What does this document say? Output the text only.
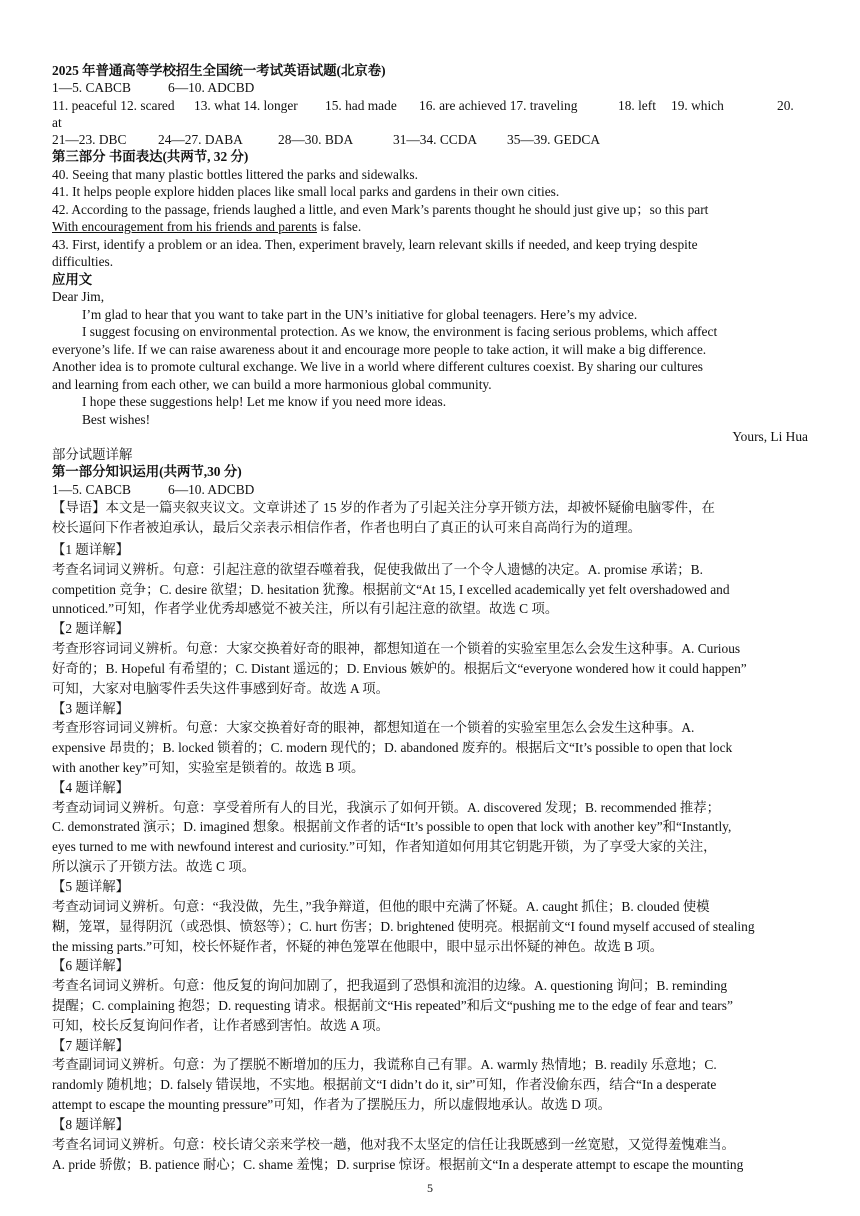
2025 年普通高等学校招生全国统一考试英语试题(北京卷)
1—5. CABCB	6—10. ADCBD
11. peaceful 12. scared 13. what 14. longer 15. had made 16. are achieved 17. traveling	18. left 19. which	20.
at
21—23. DBC 24—27. DABA	28—30. BDA	31—34. CCDA 35—39. GEDCA
第三部分 书面表达(共两节, 32 分)
40. Seeing that many plastic bottles littered the parks and sidewalks.
41. It helps people explore hidden places like small local parks and gardens in their own cities.
42. According to the passage, friends laughed a little, and even Mark’s parents thought he should just give up；so this part
With encouragement from his friends and parents is false.
43. First, identify a problem or an idea. Then, experiment bravely, learn relevant skills if needed, and keep trying despite
difficulties.
应用文
Dear Jim,
I’m glad to hear that you want to take part in the UN’s initiative for global teenagers. Here’s my advice.
I suggest focusing on environmental protection. As we know, the environment is facing serious problems, which affect
everyone’s life. If we can raise awareness about it and encourage more people to take action, it will make a big difference.
Another idea is to promote cultural exchange. We live in a world where different cultures coexist. By sharing our cultures
and learning from each other, we can build a more harmonious global community.
I hope these suggestions help! Let me know if you need more ideas.
Best wishes!
Yours, Li Hua
部分试题详解
第一部分知识运用(共两节,30 分)
1—5. CABCB	6—10. ADCBD
【导语】本文是一篇夹叙夹议文。文章讲述了 15 岁的作者为了引起关注分享开锁方法，却被怀疑偷电脑零件，在
校长逼问下作者被迫承认，最后父亲表示相信作者，作者也明白了真正的认可来自高尚行为的道理。
【1 题详解】
考查名词词义辨析。句意：引起注意的欲望吞噬着我，促使我做出了一个令人遗憾的决定。A. promise 承诺；B.
competition 竞争；C. desire 欲望；D. hesitation 犹豫。根据前文“At 15, I excelled academically yet felt overshadowed and
unnoticed.”可知，作者学业优秀却感觉不被关注，所以有引起注意的欲望。故选 C 项。
【2 题详解】
考查形容词词义辨析。句意：大家交换着好奇的眼神，都想知道在一个锁着的实验室里怎么会发生这种事。A. Curious
好奇的；B. Hopeful 有希望的；C. Distant 遥远的；D. Envious 嫉妒的。根据后文“everyone wondered how it could happen”
可知，大家对电脑零件丢失这件事感到好奇。故选 A 项。
【3 题详解】
考查形容词词义辨析。句意：大家交换着好奇的眼神，都想知道在一个锁着的实验室里怎么会发生这种事。A.
expensive 昂贵的；B. locked 锁着的；C. modern 现代的；D. abandoned 废弃的。根据后文“It’s possible to open that lock
with another key”可知，实验室是锁着的。故选 B 项。
【4 题详解】
考查动词词义辨析。句意：享受着所有人的目光，我演示了如何开锁。A. discovered 发现；B. recommended 推荐；
C. demonstrated 演示；D. imagined 想象。根据前文作者的话“It’s possible to open that lock with another key”和“Instantly,
eyes turned to me with newfound interest and curiosity.”可知，作者知道如何用其它钥匙开锁，为了享受大家的关注，
所以演示了开锁方法。故选 C 项。
【5 题详解】
考查动词词义辨析。句意：“我没做，先生，”我争辩道，但他的眼中充满了怀疑。A. caught 抓住；B. clouded 使模
糊，笼罩，显得阴沉（或恐惧、愤怒等）；C. hurt 伤害；D. brightened 使明亮。根据前文“I found myself accused of stealing
the missing parts.”可知，校长怀疑作者，怀疑的神色笼罩在他眼中，眼中显示出怀疑的神色。故选 B 项。
【6 题详解】
考查名词词义辨析。句意：他反复的询问加剧了，把我逼到了恐惧和流泪的边缘。A. questioning 询问；B. reminding
提醒；C. complaining 抱怨；D. requesting 请求。根据前文“His repeated”和后文“pushing me to the edge of fear and tears”
可知，校长反复询问作者，让作者感到害怕。故选 A 项。
【7 题详解】
考查副词词义辨析。句意：为了摆脱不断增加的压力，我谎称自己有罪。A. warmly 热情地；B. readily 乐意地；C.
randomly 随机地；D. falsely 错误地，不实地。根据前文“I didn’t do it, sir”可知，作者没偷东西，结合“In a desperate
attempt to escape the mounting pressure”可知，作者为了摆脱压力，所以虚假地承认。故选 D 项。
【8 题详解】
考查名词词义辨析。句意：校长请父亲来学校一趟，他对我不太坚定的信任让我既感到一丝宽慰，又觉得羞愧难当。
A. pride 骄傲；B. patience 耐心；C. shame 羞愧；D. surprise 惊讶。根据前文“In a desperate attempt to escape the mounting
5
